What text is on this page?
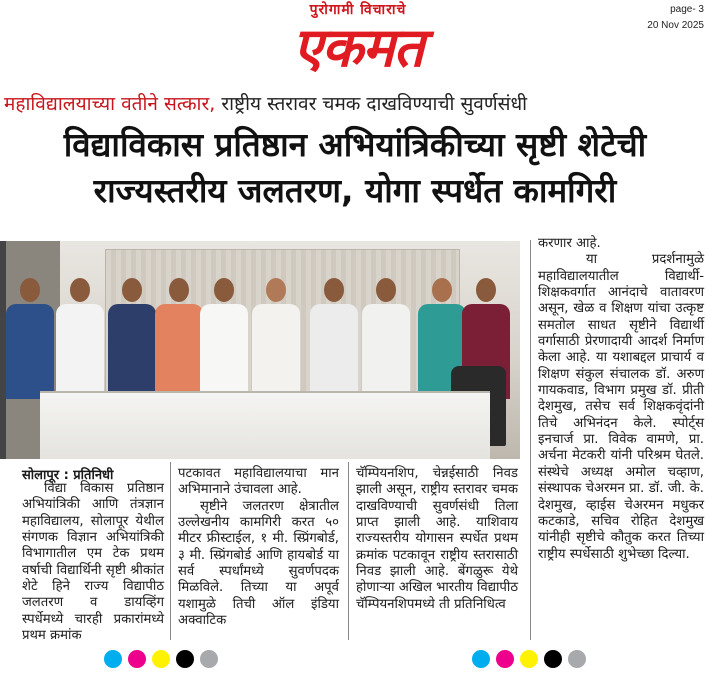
page- 3
20 Nov 2025
पुरोगामी विचाराचे
एकमत
महाविद्यालयाच्या वतीने सत्कार, राष्ट्रीय स्तरावर चमक दाखविण्याची सुवर्णसंधी
विद्याविकास प्रतिष्ठान अभियांत्रिकीच्या सृष्टी शेटेची
राज्यस्तरीय जलतरण, योगा स्पर्धेत कामगिरी
सोलापूर : प्रतिनिधी

विद्या विकास प्रतिष्ठान अभियांत्रिकी आणि तंत्रज्ञान महाविद्यालय, सोलापूर येथील संगणक विज्ञान अभियांत्रिकी विभागातील एम टेक प्रथम वर्षाची विद्यार्थिनी सृष्टी श्रीकांत शेटे हिने राज्य विद्यापीठ जलतरण व डायव्हिंग स्पर्धेमध्ये चारही प्रकारांमध्ये प्रथम क्रमांक

पटकावत महाविद्यालयाचा मान अभिमानाने उंचावला आहे.

सृष्टीने जलतरण क्षेत्रातील उल्लेखनीय कामगिरी करत ५० मीटर फ्रीस्टाईल, १ मी. स्प्रिंगबोर्ड, ३ मी. स्प्रिंगबोर्ड आणि हायबोर्ड या सर्व स्पर्धांमध्ये सुवर्णपदक मिळविले. तिच्या या अपूर्व यशामुळे तिची ऑल इंडिया अक्वाटिक

चॅम्पियनशिप, चेन्नईसाठी निवड झाली असून, राष्ट्रीय स्तरावर चमक दाखविण्याची सुवर्णसंधी तिला प्राप्त झाली आहे. याशिवाय राज्यस्तरीय योगासन स्पर्धेत प्रथम क्रमांक पटकावून राष्ट्रीय स्तरासाठी निवड झाली आहे. बेंगळुरू येथे होणाऱ्या अखिल भारतीय विद्यापीठ चॅम्पियनशिपमध्ये ती प्रतिनिधित्व

करणार आहे.

या प्रदर्शनामुळे महाविद्यालयातील विद्यार्थी-शिक्षकवर्गात आनंदाचे वातावरण असून, खेळ व शिक्षण यांचा उत्कृष्ट समतोल साधत सृष्टीने विद्यार्थी वर्गासाठी प्रेरणादायी आदर्श निर्माण केला आहे. या यशाबद्दल प्राचार्य व शिक्षण संकुल संचालक डॉ. अरुण गायकवाड, विभाग प्रमुख डॉ. प्रीती देशमुख, तसेच सर्व शिक्षकवृंदांनी तिचे अभिनंदन केले. स्पोर्ट्स इनचार्ज प्रा. विवेक वामणे, प्रा. अर्चना मेटकरी यांनी परिश्रम घेतले. संस्थेचे अध्यक्ष अमोल चव्हाण, संस्थापक चेअरमन प्रा. डॉ. जी. के. देशमुख, व्हाईस चेअरमन मधुकर कटकाडे, सचिव रोहित देशमुख यांनीही सृष्टीचे कौतुक करत तिच्या राष्ट्रीय स्पर्धेसाठी शुभेच्छा दिल्या.
